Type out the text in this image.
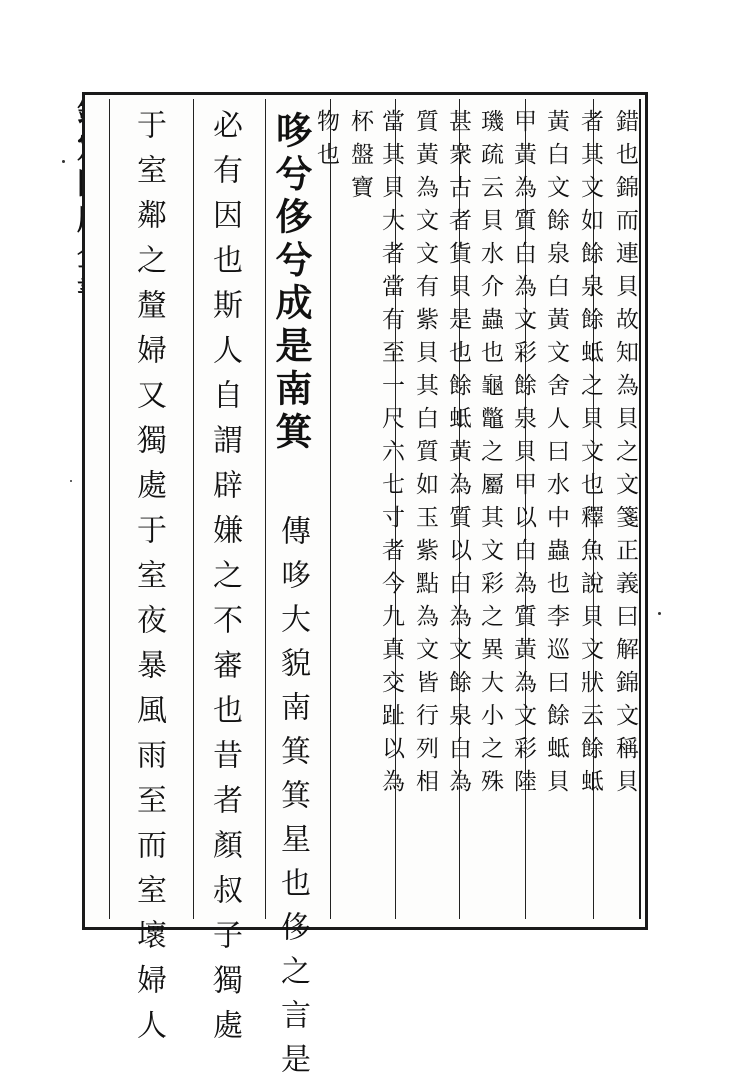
錯也錦而連貝故知為貝之文箋正義曰解錦文稱貝
者其文如餘泉餘蚳之貝文也釋魚說貝文狀云餘蚳
黃白文餘泉白黃文舍人曰水中蟲也李巡曰餘蚳貝
甲黃為質白為文彩餘泉貝甲以白為質黃為文彩陸
璣疏云貝水介蟲也龜鼈之屬其文彩之異大小之殊
甚衆古者貨貝是也餘蚳黃為質以白為文餘泉白為
質黃為文文有紫貝其白質如玉紫點為文皆行列相
當其貝大者當有至一尺六七寸者今九真交趾以為
杯盤寶
物也
哆兮侈兮成是南箕
傳哆大貌南箕箕星也侈之言是
必有因也斯人自謂辟嫌之不審也昔者顏叔子獨處
于室鄰之釐婦又獨處于室夜暴風雨至而室壞婦人
